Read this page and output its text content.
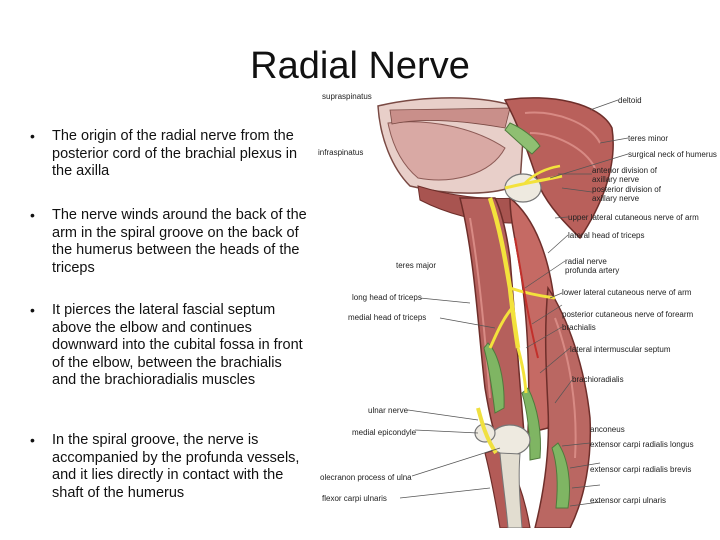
Radial Nerve
• The origin of the radial nerve from the posterior cord of the brachial plexus in the axilla
• The nerve winds around the back of the arm in the spiral groove on the back of the humerus between the heads of the triceps
• It pierces the lateral fascial septum above the elbow and continues downward into the cubital fossa in front of the elbow, between the brachialis and the brachioradialis muscles
• In the spiral groove, the nerve is accompanied by the profunda vessels, and it lies directly in contact with the shaft of the humerus
supraspinatus	deltoid
infraspinatus
teres minor
surgical neck of humerus
anterior division of axillary nerve
posterior division of axillary nerve
upper lateral cutaneous nerve of arm
lateral head of triceps
teres major	radial nerve
profunda artery
long head of triceps
lower lateral cutaneous nerve of arm
medial head of triceps	posterior cutaneous nerve of forearm
brachialis
lateral intermuscular septum
brachioradialis
ulnar nerve
anconeus
medial epicondyle
extensor carpi radialis longus
olecranon process of ulna
extensor carpi radialis brevis
flexor carpi ulnaris	extensor carpi ulnaris
